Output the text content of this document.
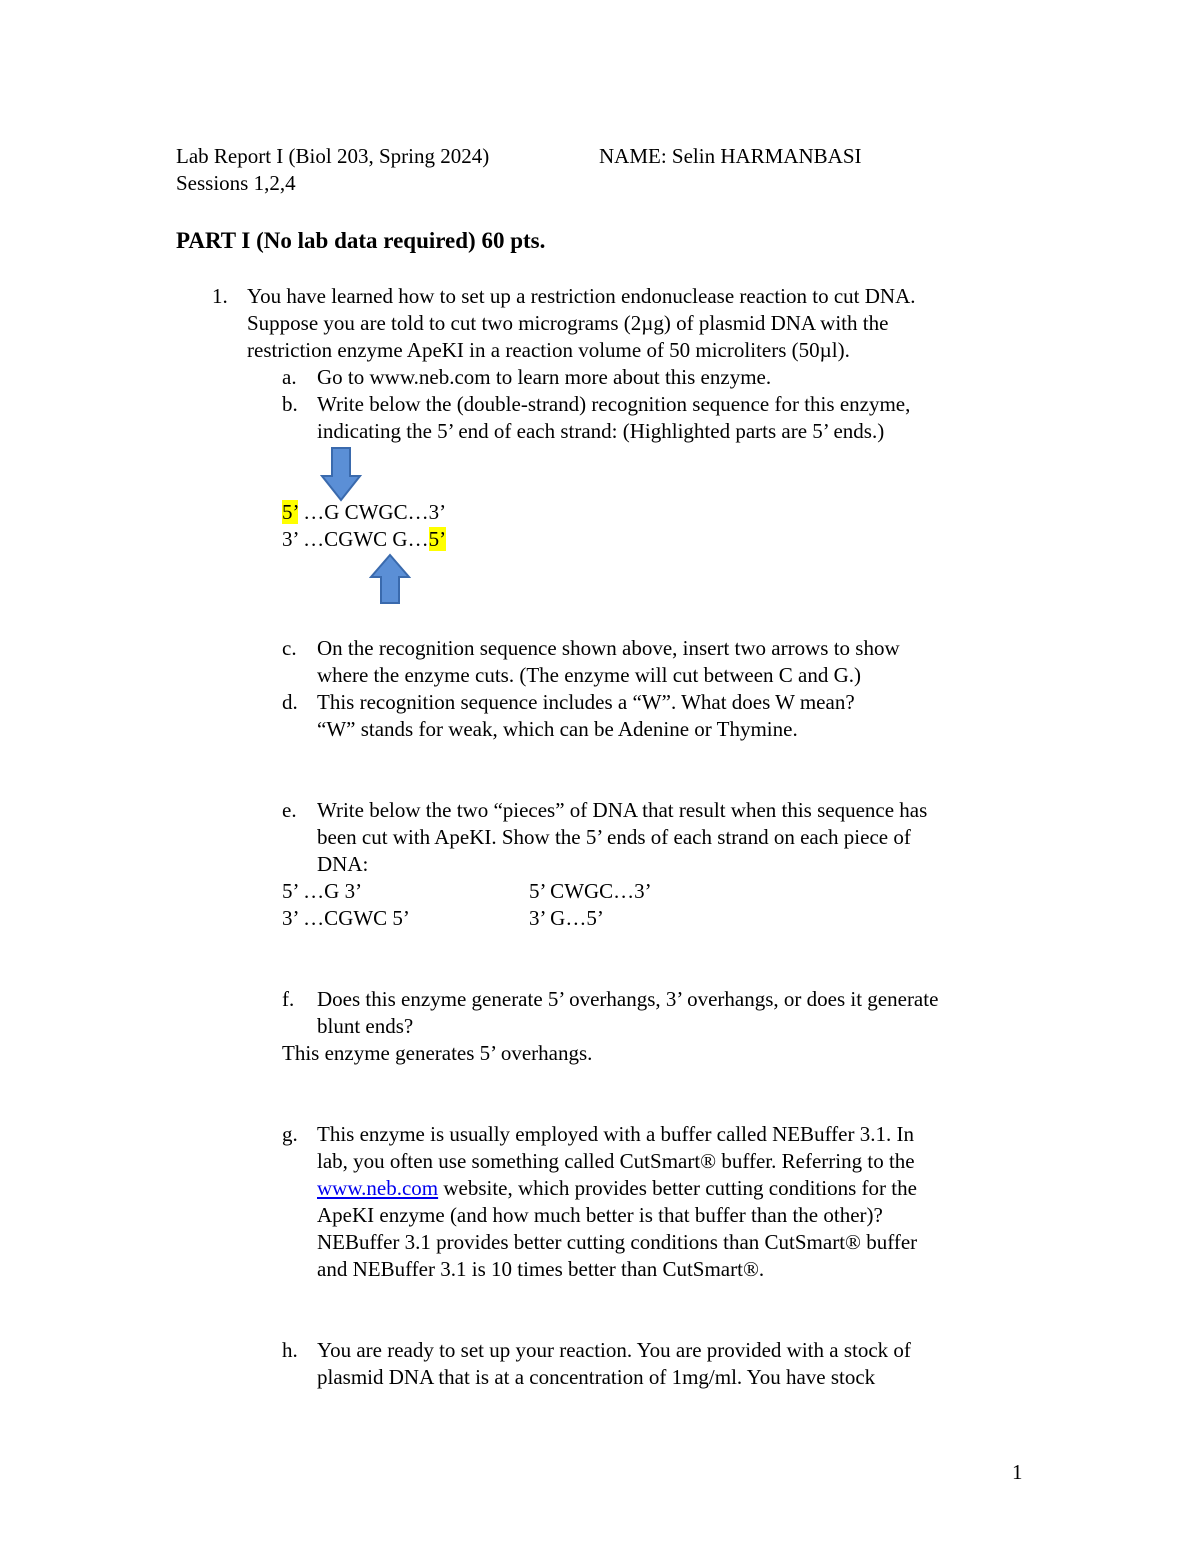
Lab Report I (Biol 203, Spring 2024)	NAME: Selin HARMANBASI
Sessions 1,2,4
PART I (No lab data required) 60 pts.
1. You have learned how to set up a restriction endonuclease reaction to cut DNA.
Suppose you are told to cut two micrograms (2µg) of plasmid DNA with the
restriction enzyme ApeKI in a reaction volume of 50 microliters (50µl).
a. Go to www.neb.com to learn more about this enzyme.
b. Write below the (double-strand) recognition sequence for this enzyme,
indicating the 5’ end of each strand: (Highlighted parts are 5’ ends.)
5’ …G CWGC…3’
3’ …CGWC G…5’
c. On the recognition sequence shown above, insert two arrows to show
where the enzyme cuts. (The enzyme will cut between C and G.)
d. This recognition sequence includes a “W”. What does W mean?
“W” stands for weak, which can be Adenine or Thymine.
e. Write below the two “pieces” of DNA that result when this sequence has
been cut with ApeKI. Show the 5’ ends of each strand on each piece of
DNA:
5’ …G 3’
3’ …CGWC 5’
5’ CWGC…3’
3’ G…5’
f. Does this enzyme generate 5’ overhangs, 3’ overhangs, or does it generate
blunt ends?
This enzyme generates 5’ overhangs.
g. This enzyme is usually employed with a buffer called NEBuffer 3.1. In
lab, you often use something called CutSmart® buffer. Referring to the
www.neb.com website, which provides better cutting conditions for the
ApeKI enzyme (and how much better is that buffer than the other)?
NEBuffer 3.1 provides better cutting conditions than CutSmart® buffer
and NEBuffer 3.1 is 10 times better than CutSmart®.
h. You are ready to set up your reaction. You are provided with a stock of
plasmid DNA that is at a concentration of 1mg/ml. You have stock
1
